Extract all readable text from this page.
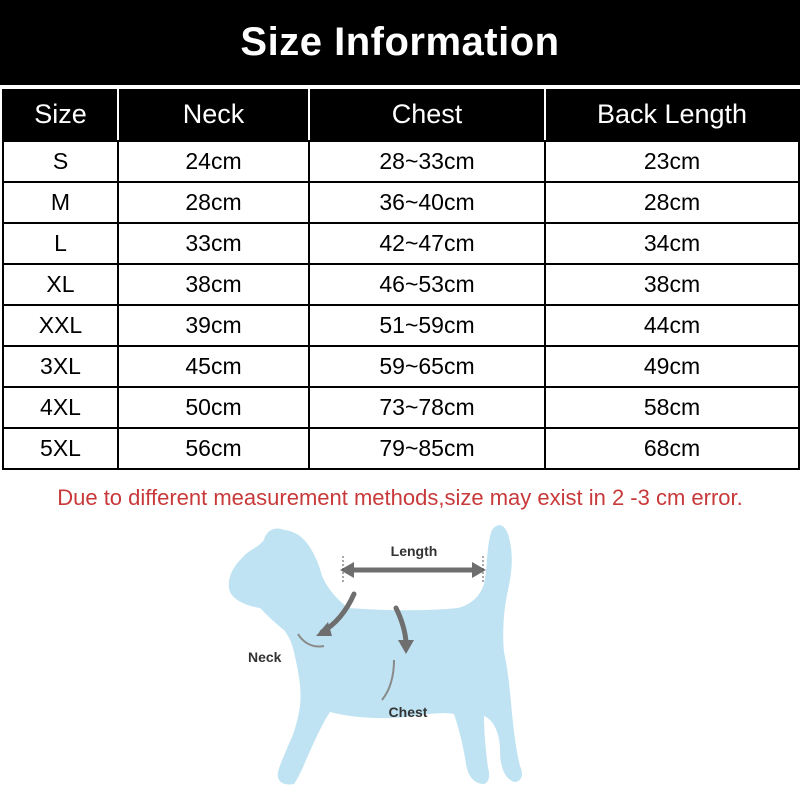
Size Information
Size	Neck	Chest	Back Length
S	24cm	28~33cm	23cm
M	28cm	36~40cm	28cm
L	33cm	42~47cm	34cm
XL	38cm	46~53cm	38cm
XXL	39cm	51~59cm	44cm
3XL	45cm	59~65cm	49cm
4XL	50cm	73~78cm	58cm
5XL	56cm	79~85cm	68cm
Due to different measurement methods,size may exist in 2 -3 cm error.
Length
Neck
Chest
